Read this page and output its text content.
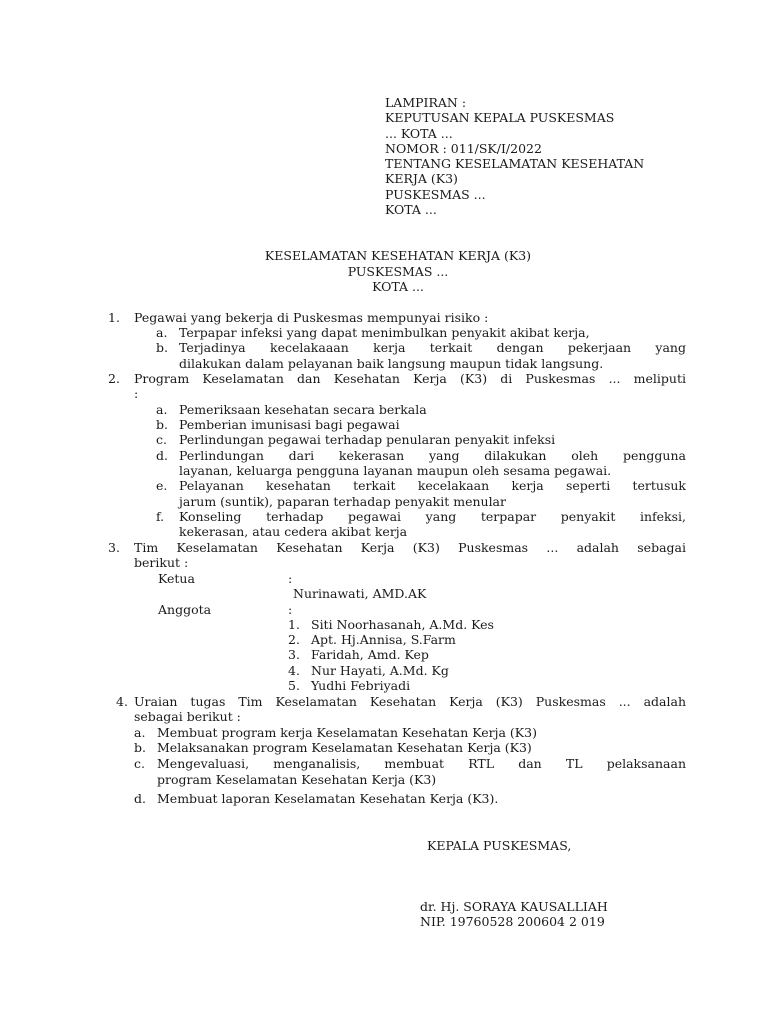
LAMPIRAN :
KEPUTUSAN KEPALA PUSKESMAS
... KOTA ...
NOMOR : 011/SK/I/2022
TENTANG KESELAMATAN KESEHATAN
KERJA (K3)
PUSKESMAS ...
KOTA ...
KESELAMATAN KESEHATAN KERJA (K3)
PUSKESMAS ...
KOTA ...
1. Pegawai yang bekerja di Puskesmas mempunyai risiko :
a. Terpapar infeksi yang dapat menimbulkan penyakit akibat kerja,
b. Terjadinya kecelakaaan kerja terkait dengan pekerjaan yang
dilakukan dalam pelayanan baik langsung maupun tidak langsung.
2. Program Keselamatan dan Kesehatan Kerja (K3) di Puskesmas ... meliputi
:
a. Pemeriksaan kesehatan secara berkala
b. Pemberian imunisasi bagi pegawai
c. Perlindungan pegawai terhadap penularan penyakit infeksi
d. Perlindungan dari kekerasan yang dilakukan oleh pengguna
layanan, keluarga pengguna layanan maupun oleh sesama pegawai.
e. Pelayanan kesehatan terkait kecelakaan kerja seperti tertusuk
jarum (suntik), paparan terhadap penyakit menular
f. Konseling terhadap pegawai yang terpapar penyakit infeksi,
kekerasan, atau cedera akibat kerja
3. Tim Keselamatan Kesehatan Kerja (K3) Puskesmas ... adalah sebagai
berikut :
Ketua	:
Nurinawati, AMD.AK
Anggota	:
1. Siti Noorhasanah, A.Md. Kes
2. Apt. Hj.Annisa, S.Farm
3. Faridah, Amd. Kep
4. Nur Hayati, A.Md. Kg
5. Yudhi Febriyadi
4. Uraian tugas Tim Keselamatan Kesehatan Kerja (K3) Puskesmas ... adalah
sebagai berikut :
a. Membuat program kerja Keselamatan Kesehatan Kerja (K3)
b. Melaksanakan program Keselamatan Kesehatan Kerja (K3)
c. Mengevaluasi, menganalisis, membuat RTL dan TL pelaksanaan
program Keselamatan Kesehatan Kerja (K3)
d. Membuat laporan Keselamatan Kesehatan Kerja (K3).
KEPALA PUSKESMAS,
dr. Hj. SORAYA KAUSALLIAH
NIP. 19760528 200604 2 019
